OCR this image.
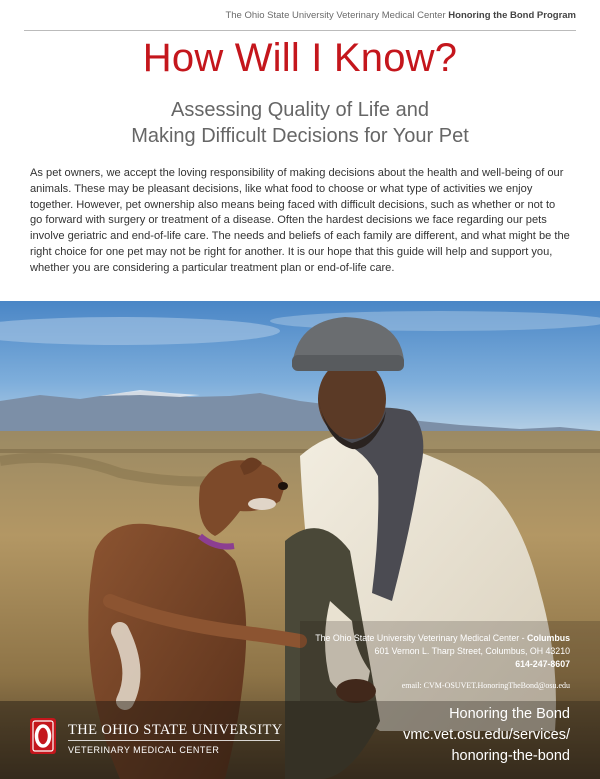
The Ohio State University Veterinary Medical Center Honoring the Bond Program
How Will I Know?
Assessing Quality of Life and
Making Difficult Decisions for Your Pet
As pet owners, we accept the loving responsibility of making decisions about the health and well-being of our animals. These may be pleasant decisions, like what food to choose or what type of activities we enjoy together. However, pet ownership also means being faced with difficult decisions, such as whether or not to go forward with surgery or treatment of a disease. Often the hardest decisions we face regarding our pets involve geriatric and end-of-life care. The needs and beliefs of each family are different, and what might be the right choice for one pet may not be right for another. It is our hope that this guide will help and support you, whether you are considering a particular treatment plan or end-of-life care.
The Ohio State University Veterinary Medical Center - Columbus
601 Vernon L. Tharp Street, Columbus, OH 43210
614-247-8607
email: CVM-OSUVET.HonoringTheBond@osu.edu
Honoring the Bond
vmc.vet.osu.edu/services/
honoring-the-bond
THE OHIO STATE UNIVERSITY
VETERINARY MEDICAL CENTER
